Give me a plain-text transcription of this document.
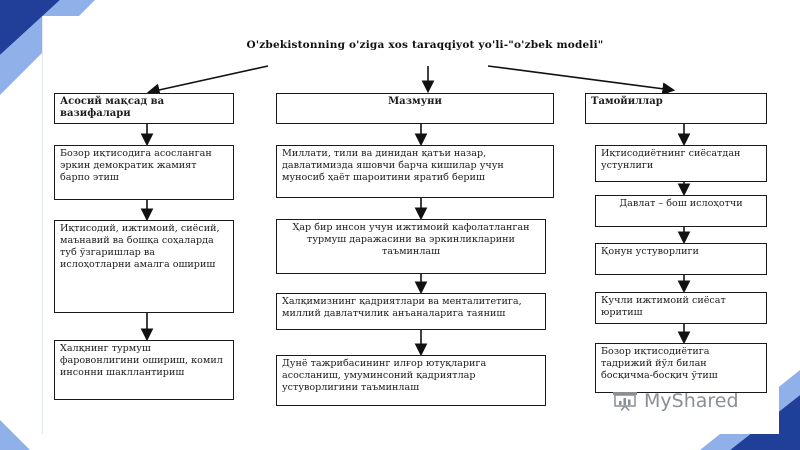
O'zbekistonning o'ziga xos taraqqiyot yo'li-"o'zbek modeli"
Асосий мақсад ва вазифалари
Бозор иқтисодига асосланган эркин демократик жамият барпо этиш
Иқтисодий, ижтимоий, сиёсий, маънавий ва бошқа соҳаларда туб ўзгаришлар ва ислоҳотларни амалга ошириш
Халқнинг турмуш фаровонлигини ошириш, комил инсонни шакллантириш
Мазмуни
Миллати, тили ва динидан қатъи назар, давлатимизда яшовчи барча кишилар учун муносиб ҳаёт шароитини яратиб бериш
Ҳар бир инсон учун ижтимоий кафолатланган турмуш даражасини ва эркинликларини таъминлаш
Халқимизнинг қадриятлари ва менталитетига, миллий давлатчилик анъаналарига таяниш
Дунё тажрибасининг илғор ютуқларига асосланиш, умуминсоний қадриятлар устуворлигини таъминлаш
Тамойиллар
Иқтисодиётнинг сиёсатдан устунлиги
Давлат – бош ислоҳотчи
Қонун устуворлиги
Кучли ижтимоий сиёсат юритиш
Бозор иқтисодиётига тадрижий йўл билан босқичма-босқич ўтиш
MyShared
